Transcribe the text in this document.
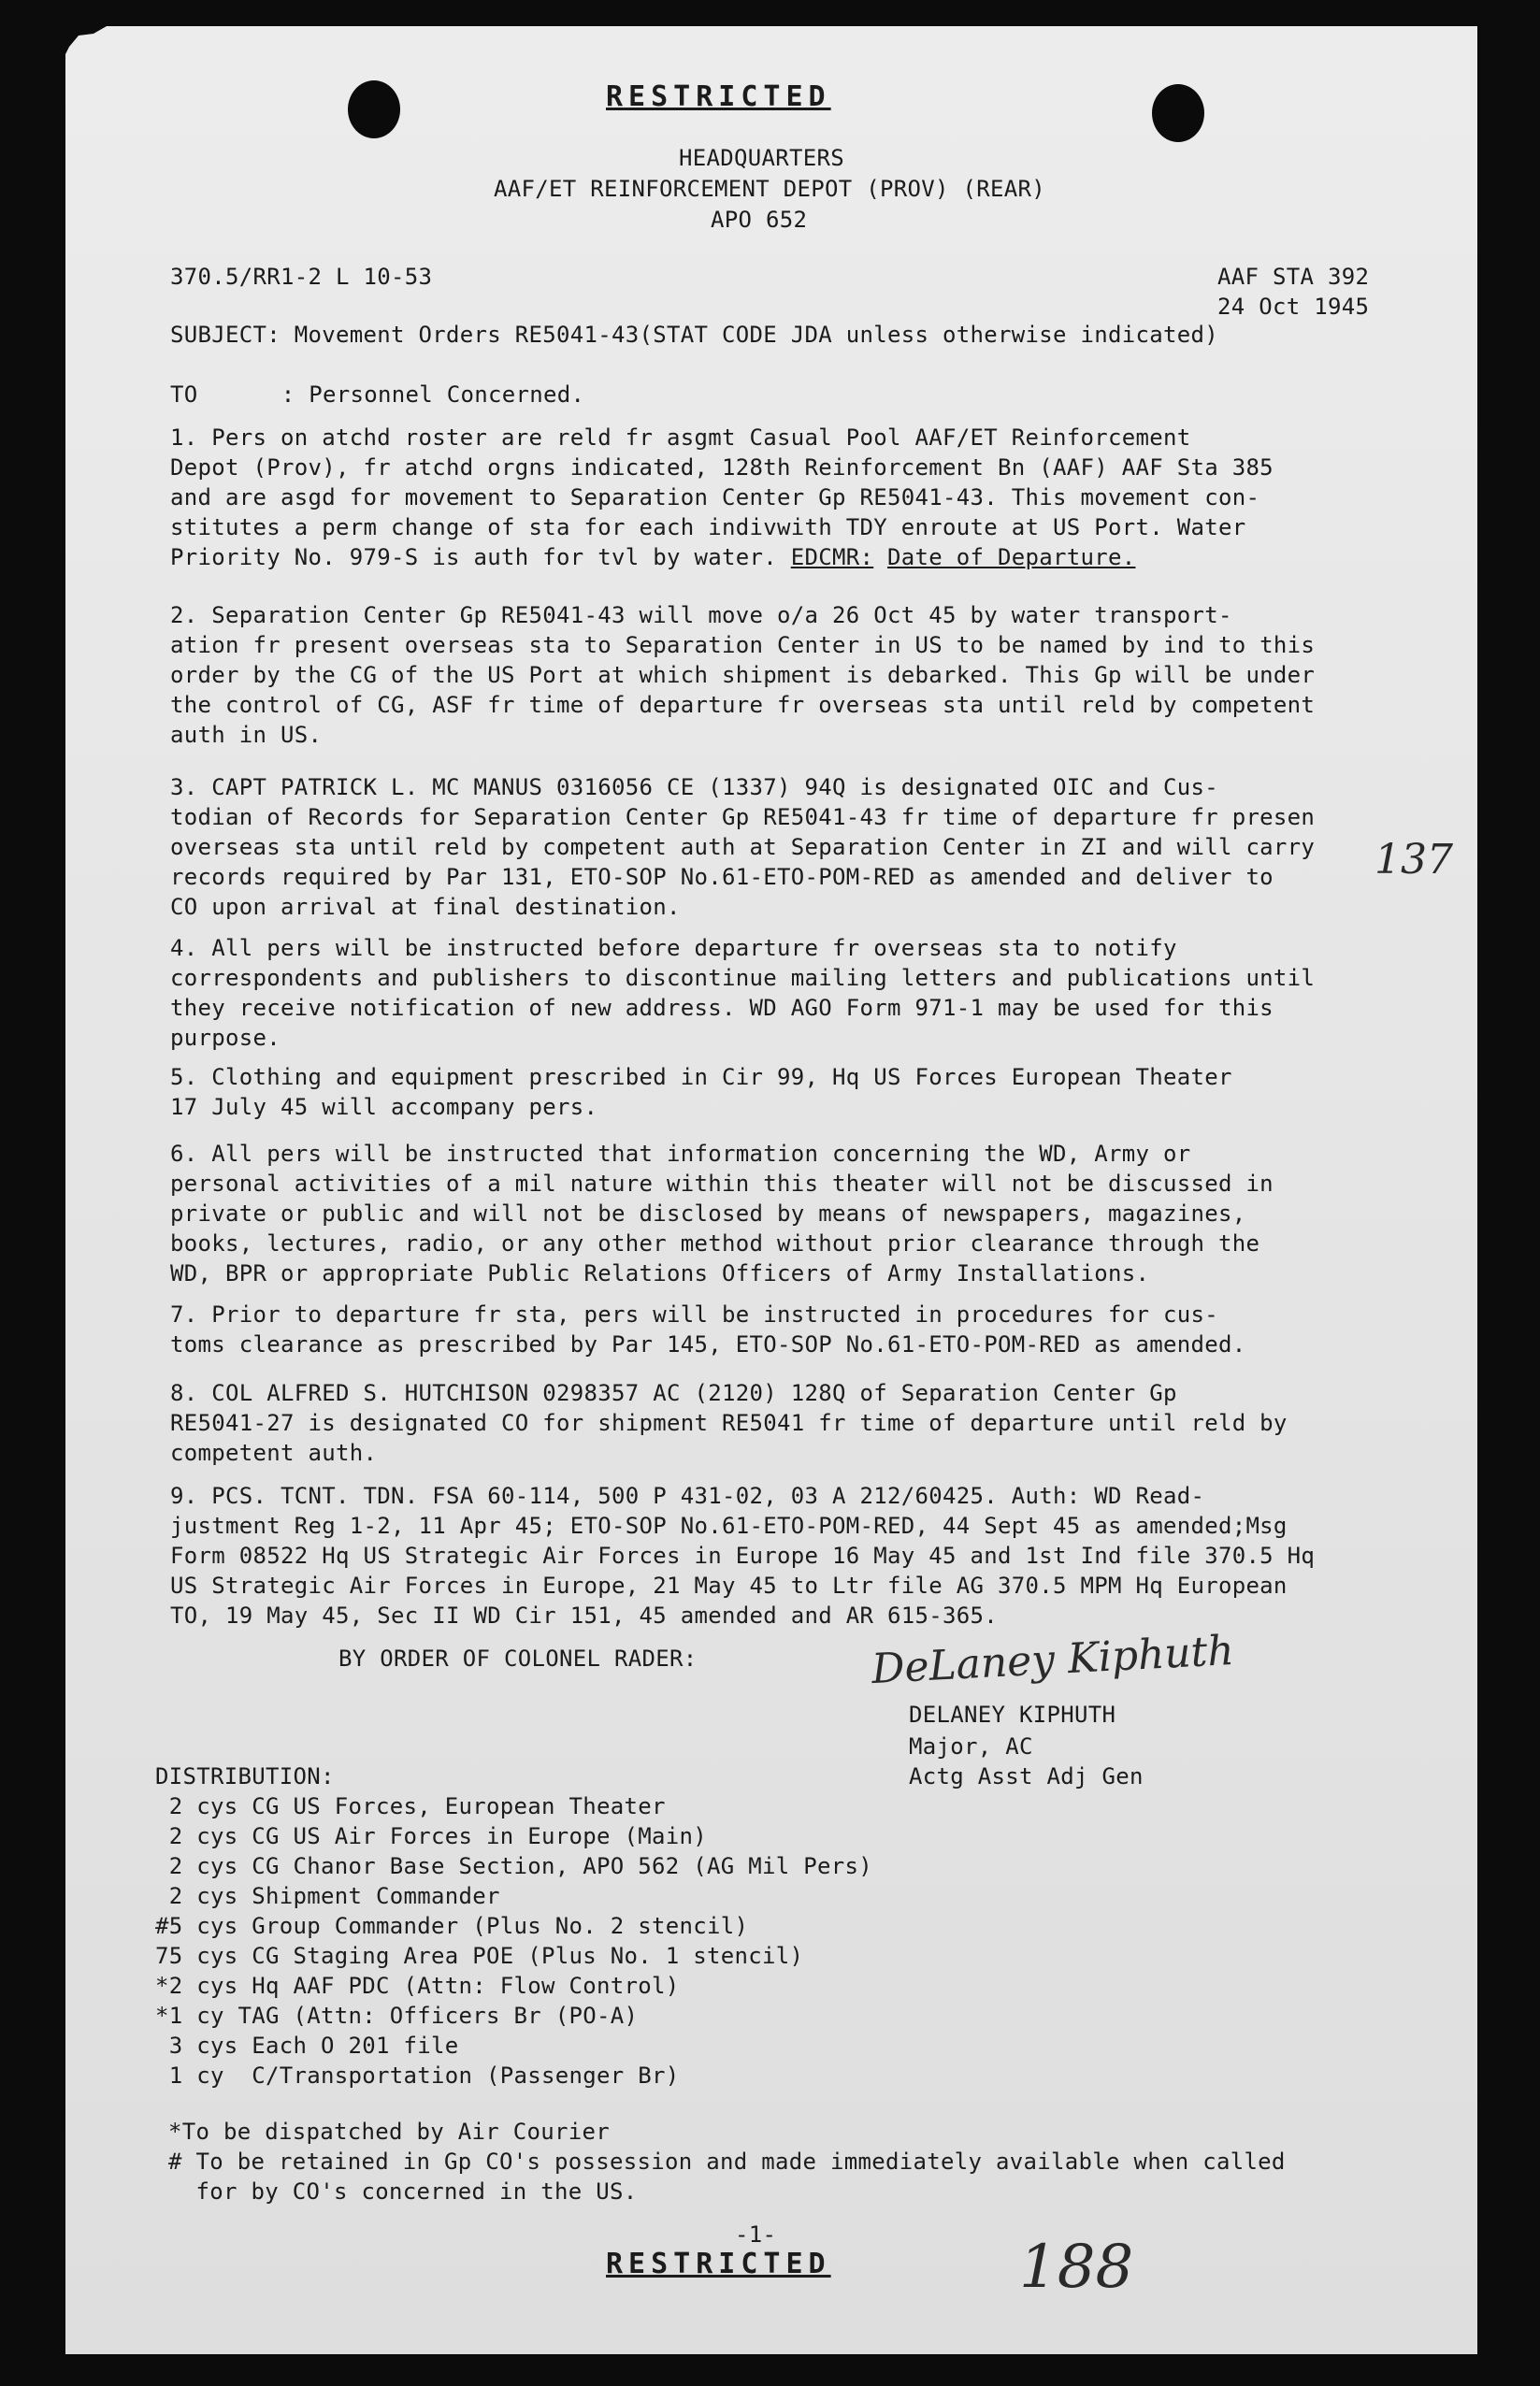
RESTRICTED
HEADQUARTERS
AAF/ET REINFORCEMENT DEPOT (PROV) (REAR)
APO 652
370.5/RR1-2 L 10-53	AAF STA 392
24 Oct 1945
SUBJECT: Movement Orders RE5041-43(STAT CODE JDA unless otherwise indicated)
TO	: Personnel Concerned.
1. Pers on atchd roster are reld fr asgmt Casual Pool AAF/ET Reinforcement
Depot (Prov), fr atchd orgns indicated, 128th Reinforcement Bn (AAF) AAF Sta 385
and are asgd for movement to Separation Center Gp RE5041-43. This movement con-
stitutes a perm change of sta for each indivwith TDY enroute at US Port. Water
Priority No. 979-S is auth for tvl by water. EDCMR: Date of Departure.
2. Separation Center Gp RE5041-43 will move o/a 26 Oct 45 by water transport-
ation fr present overseas sta to Separation Center in US to be named by ind to this
order by the CG of the US Port at which shipment is debarked. This Gp will be under
the control of CG, ASF fr time of departure fr overseas sta until reld by competent
auth in US.
3. CAPT PATRICK L. MC MANUS 0316056 CE (1337) 94Q is designated OIC and Cus-
todian of Records for Separation Center Gp RE5041-43 fr time of departure fr presen
overseas sta until reld by competent auth at Separation Center in ZI and will carry
records required by Par 131, ETO-SOP No.61-ETO-POM-RED as amended and deliver to
CO upon arrival at final destination.
4. All pers will be instructed before departure fr overseas sta to notify
correspondents and publishers to discontinue mailing letters and publications until
they receive notification of new address. WD AGO Form 971-1 may be used for this
purpose.
5. Clothing and equipment prescribed in Cir 99, Hq US Forces European Theater
17 July 45 will accompany pers.
6. All pers will be instructed that information concerning the WD, Army or
personal activities of a mil nature within this theater will not be discussed in
private or public and will not be disclosed by means of newspapers, magazines,
books, lectures, radio, or any other method without prior clearance through the
WD, BPR or appropriate Public Relations Officers of Army Installations.
7. Prior to departure fr sta, pers will be instructed in procedures for cus-
toms clearance as prescribed by Par 145, ETO-SOP No.61-ETO-POM-RED as amended.
8. COL ALFRED S. HUTCHISON 0298357 AC (2120) 128Q of Separation Center Gp
RE5041-27 is designated CO for shipment RE5041 fr time of departure until reld by
competent auth.
9. PCS. TCNT. TDN. FSA 60-114, 500 P 431-02, 03 A 212/60425. Auth: WD Read-
justment Reg 1-2, 11 Apr 45; ETO-SOP No.61-ETO-POM-RED, 44 Sept 45 as amended;Msg
Form 08522 Hq US Strategic Air Forces in Europe 16 May 45 and 1st Ind file 370.5 Hq
US Strategic Air Forces in Europe, 21 May 45 to Ltr file AG 370.5 MPM Hq European
TO, 19 May 45, Sec II WD Cir 151, 45 amended and AR 615-365.
BY ORDER OF COLONEL RADER:	DeLaney Kiphuth
DELANEY KIPHUTH
Major, AC
Actg Asst Adj Gen
DISTRIBUTION:
2 cys CG US Forces, European Theater
2 cys CG US Air Forces in Europe (Main)
2 cys CG Chanor Base Section, APO 562 (AG Mil Pers)
2 cys Shipment Commander
#5 cys Group Commander (Plus No. 2 stencil)
75 cys CG Staging Area POE (Plus No. 1 stencil)
*2 cys Hq AAF PDC (Attn: Flow Control)
*1 cy TAG (Attn: Officers Br (PO-A)
3 cys Each O 201 file
1 cy  C/Transportation (Passenger Br)
*To be dispatched by Air Courier
# To be retained in Gp CO's possession and made immediately available when called
for by CO's concerned in the US.
-1-
RESTRICTED
137
188
